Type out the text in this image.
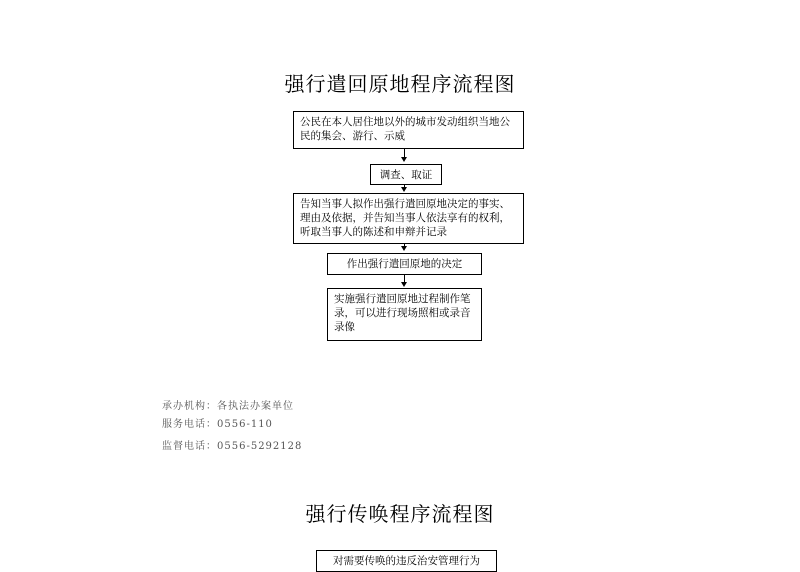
强行遣回原地程序流程图
公民在本人居住地以外的城市发动组织当地公民的集会、游行、示威
调查、取证
告知当事人拟作出强行遣回原地决定的事实、理由及依据，并告知当事人依法享有的权利，听取当事人的陈述和申辩并记录
作出强行遣回原地的决定
实施强行遣回原地过程制作笔录，可以进行现场照相或录音录像
承办机构：各执法办案单位
服务电话：0556-110
监督电话：0556-5292128
强行传唤程序流程图
对需要传唤的违反治安管理行为
